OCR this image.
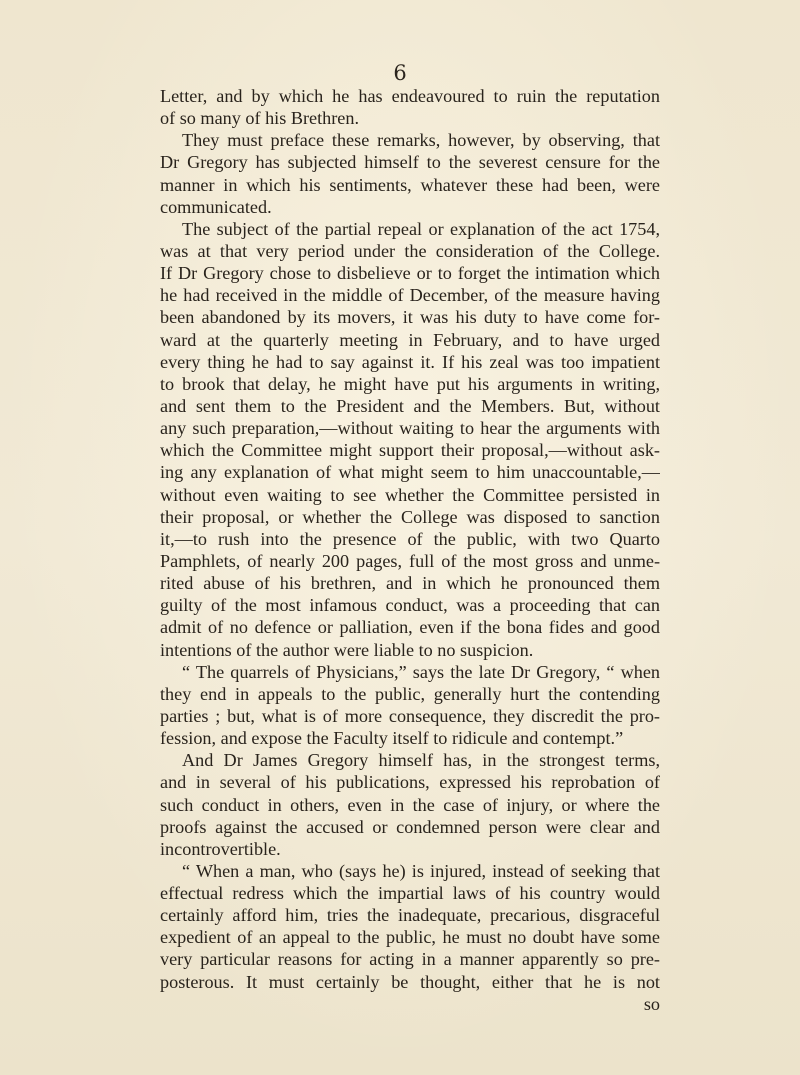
6
Letter, and by which he has endeavoured to ruin the reputation
of so many of his Brethren.
They must preface these remarks, however, by observing, that
Dr Gregory has subjected himself to the severest censure for the
manner in which his sentiments, whatever these had been, were
communicated.
The subject of the partial repeal or explanation of the act 1754,
was at that very period under the consideration of the College.
If Dr Gregory chose to disbelieve or to forget the intimation which
he had received in the middle of December, of the measure having
been abandoned by its movers, it was his duty to have come for-
ward at the quarterly meeting in February, and to have urged
every thing he had to say against it. If his zeal was too impatient
to brook that delay, he might have put his arguments in writing,
and sent them to the President and the Members. But, without
any such preparation,—without waiting to hear the arguments with
which the Committee might support their proposal,—without ask-
ing any explanation of what might seem to him unaccountable,—
without even waiting to see whether the Committee persisted in
their proposal, or whether the College was disposed to sanction
it,—to rush into the presence of the public, with two Quarto
Pamphlets, of nearly 200 pages, full of the most gross and unme-
rited abuse of his brethren, and in which he pronounced them
guilty of the most infamous conduct, was a proceeding that can
admit of no defence or palliation, even if the bona fides and good
intentions of the author were liable to no suspicion.
“ The quarrels of Physicians,” says the late Dr Gregory, “ when
they end in appeals to the public, generally hurt the contending
parties ; but, what is of more consequence, they discredit the pro-
fession, and expose the Faculty itself to ridicule and contempt.”
And Dr James Gregory himself has, in the strongest terms,
and in several of his publications, expressed his reprobation of
such conduct in others, even in the case of injury, or where the
proofs against the accused or condemned person were clear and
incontrovertible.
“ When a man, who (says he) is injured, instead of seeking that
effectual redress which the impartial laws of his country would
certainly afford him, tries the inadequate, precarious, disgraceful
expedient of an appeal to the public, he must no doubt have some
very particular reasons for acting in a manner apparently so pre-
posterous. It must certainly be thought, either that he is not
so
